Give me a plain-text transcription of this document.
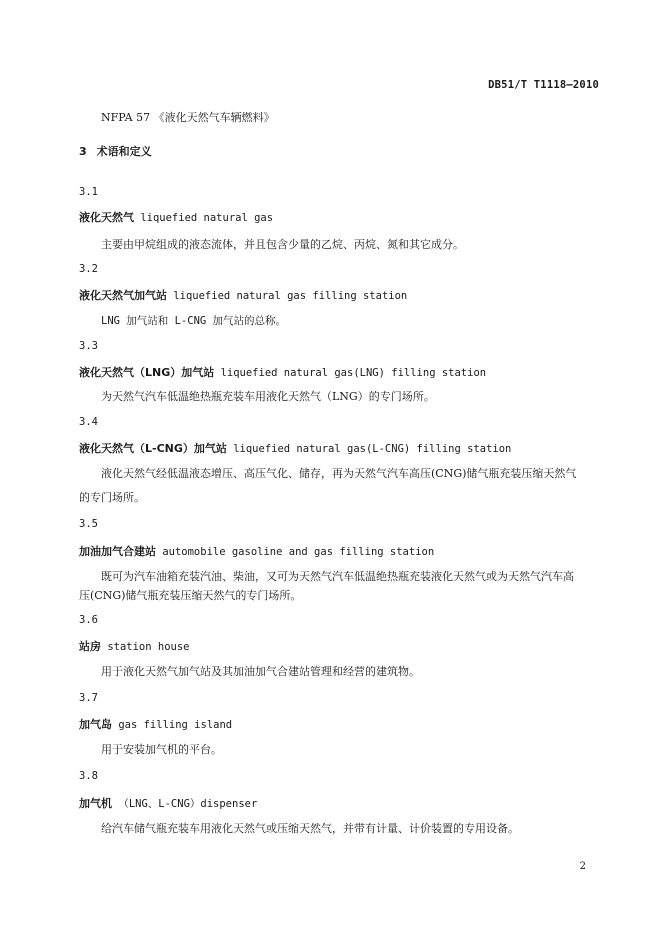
DB51/T T1118—2010
NFPA 57 《液化天然气车辆燃料》
3 术语和定义
3.1
液化天然气 liquefied natural gas
主要由甲烷组成的液态流体，并且包含少量的乙烷、丙烷、氮和其它成分。
3.2
液化天然气加气站 liquefied natural gas filling station
LNG 加气站和 L-CNG 加气站的总称。
3.3
液化天然气（LNG）加气站 liquefied natural gas(LNG) filling station
为天然气汽车低温绝热瓶充装车用液化天然气（LNG）的专门场所。
3.4
液化天然气（L-CNG）加气站 liquefied natural gas(L-CNG) filling station
液化天然气经低温液态增压、高压气化、储存，再为天然气汽车高压(CNG)储气瓶充装压缩天然气
的专门场所。
3.5
加油加气合建站 automobile gasoline and gas filling station
既可为汽车油箱充装汽油、柴油，又可为天然气汽车低温绝热瓶充装液化天然气或为天然气汽车高
压(CNG)储气瓶充装压缩天然气的专门场所。
3.6
站房 station house
用于液化天然气加气站及其加油加气合建站管理和经营的建筑物。
3.7
加气岛 gas filling island
用于安装加气机的平台。
3.8
加气机 （LNG、L-CNG）dispenser
给汽车储气瓶充装车用液化天然气或压缩天然气，并带有计量、计价装置的专用设备。
2
